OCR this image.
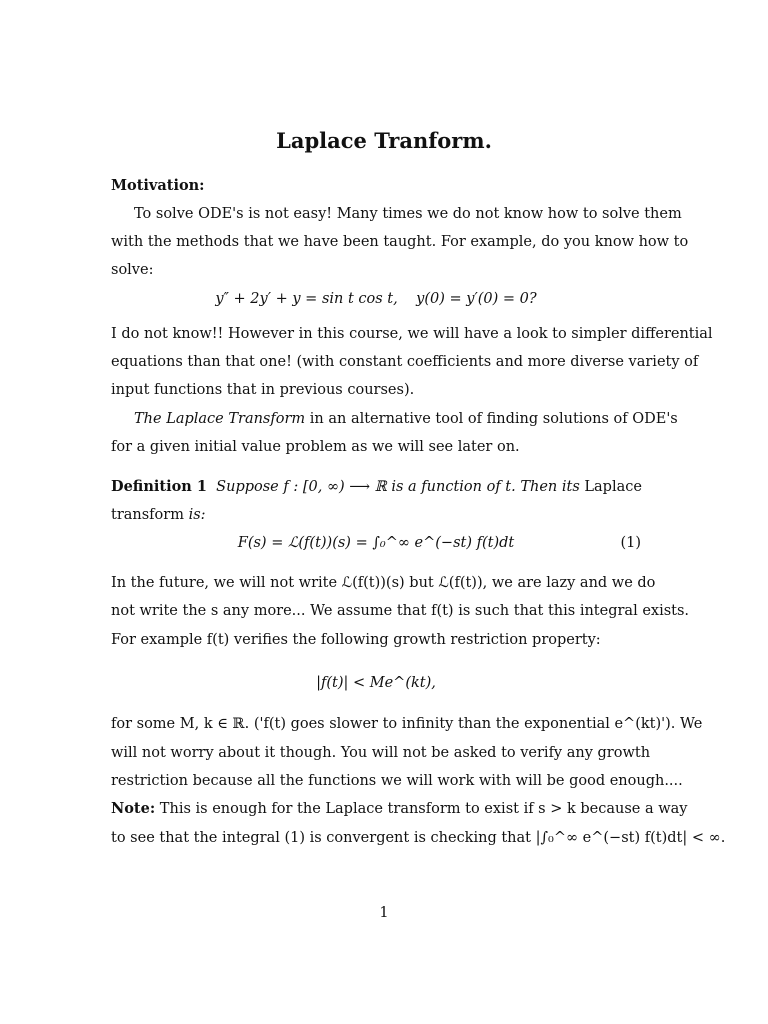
Laplace Tranform.
Motivation:
To solve ODE's is not easy! Many times we do not know how to solve them
with the methods that we have been taught. For example, do you know how to
solve:
y″ + 2y′ + y = sin t cos t,    y(0) = y′(0) = 0?
I do not know!! However in this course, we will have a look to simpler differential
equations than that one! (with constant coefficients and more diverse variety of
input functions that in previous courses).
The Laplace Transform in an alternative tool of finding solutions of ODE's
for a given initial value problem as we will see later on.
Definition 1 Suppose f : [0, ∞) ⟶ ℝ is a function of t. Then its Laplace
transform is:
F(s) = ℒ(f(t))(s) = ∫₀^∞ e^(−st) f(t)dt	(1)
In the future, we will not write ℒ(f(t))(s) but ℒ(f(t)), we are lazy and we do
not write the s any more... We assume that f(t) is such that this integral exists.
For example f(t) verifies the following growth restriction property:
|f(t)| < Me^(kt),
for some M, k ∈ ℝ. ('f(t) goes slower to infinity than the exponential e^(kt)'). We
will not worry about it though. You will not be asked to verify any growth
restriction because all the functions we will work with will be good enough....
Note: This is enough for the Laplace transform to exist if s > k because a way
to see that the integral (1) is convergent is checking that |∫₀^∞ e^(−st) f(t)dt| < ∞.
1
